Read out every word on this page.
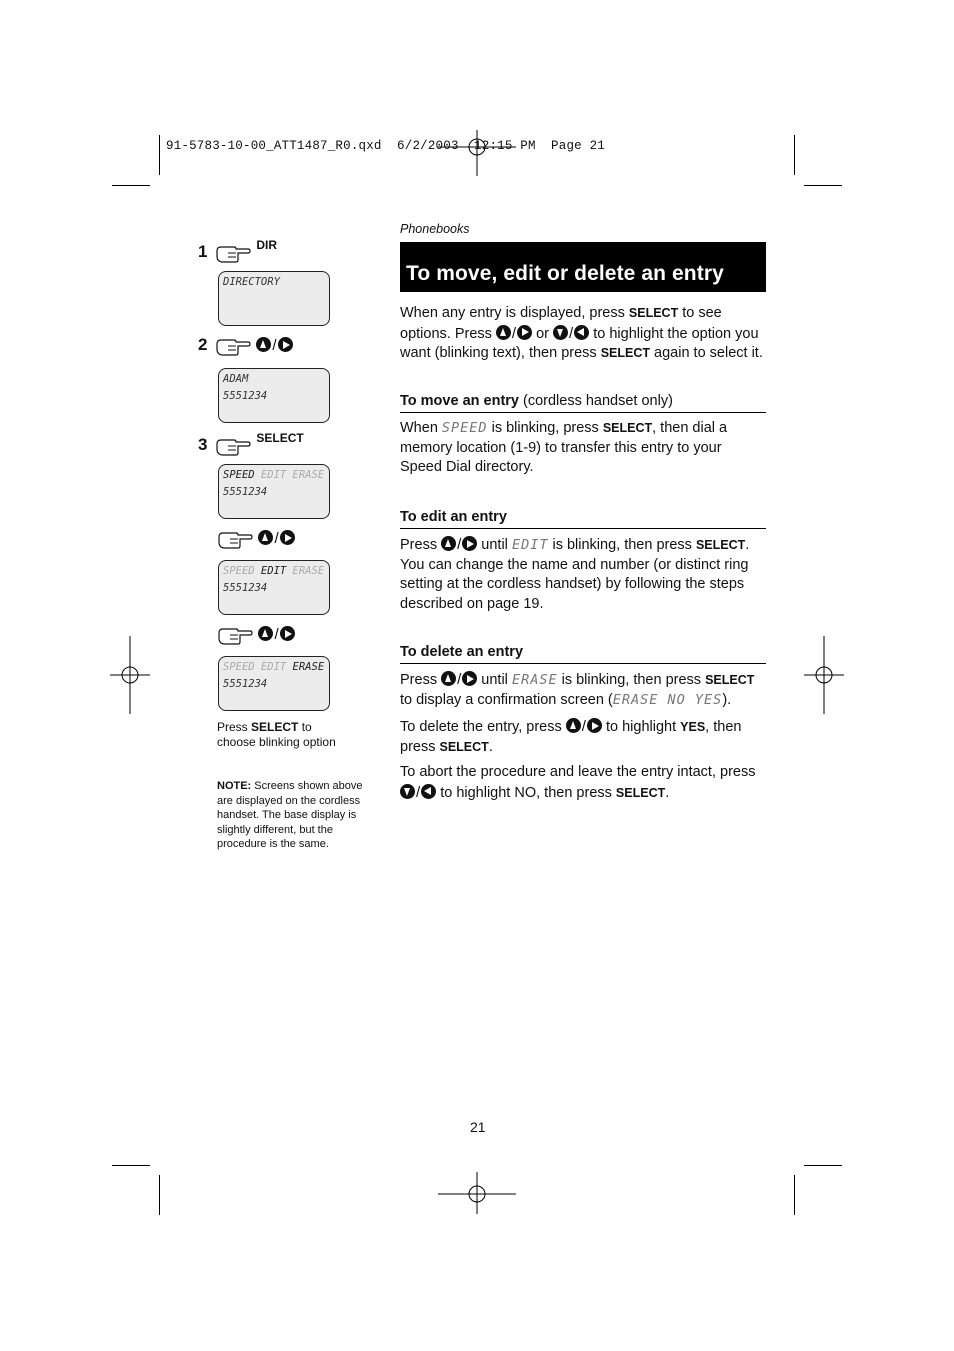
91-5783-10-00_ATT1487_R0.qxd  6/2/2003  12:15 PM  Page 21
1	$^{DIR}$
DIRECTORY
2	/
ADAM
5551234
3	$^{SELECT}$
SPEED EDIT ERASE
5551234
/
SPEED EDIT ERASE
5551234
/
SPEED EDIT ERASE
5551234
Press SELECT to choose blinking option
NOTE: Screens shown above are displayed on the cordless handset. The base display is slightly different, but the procedure is the same.
Phonebooks
To move, edit or delete an entry
When any entry is displayed, press SELECT to see options. Press / or / to highlight the option you want (blinking text), then press SELECT again to select it.
To move an entry (cordless handset only)
When SPEED is blinking, press SELECT, then dial a memory location (1-9) to transfer this entry to your Speed Dial directory.
To edit an entry
Press / until EDIT is blinking, then press SELECT. You can change the name and number (or distinct ring setting at the cordless handset) by following the steps described on page 19.
To delete an entry
Press / until ERASE is blinking, then press SELECT to display a confirmation screen (ERASE NO YES).
To delete the entry, press / to highlight YES, then press SELECT.
To abort the procedure and leave the entry intact, press / to highlight NO, then press SELECT.
21
